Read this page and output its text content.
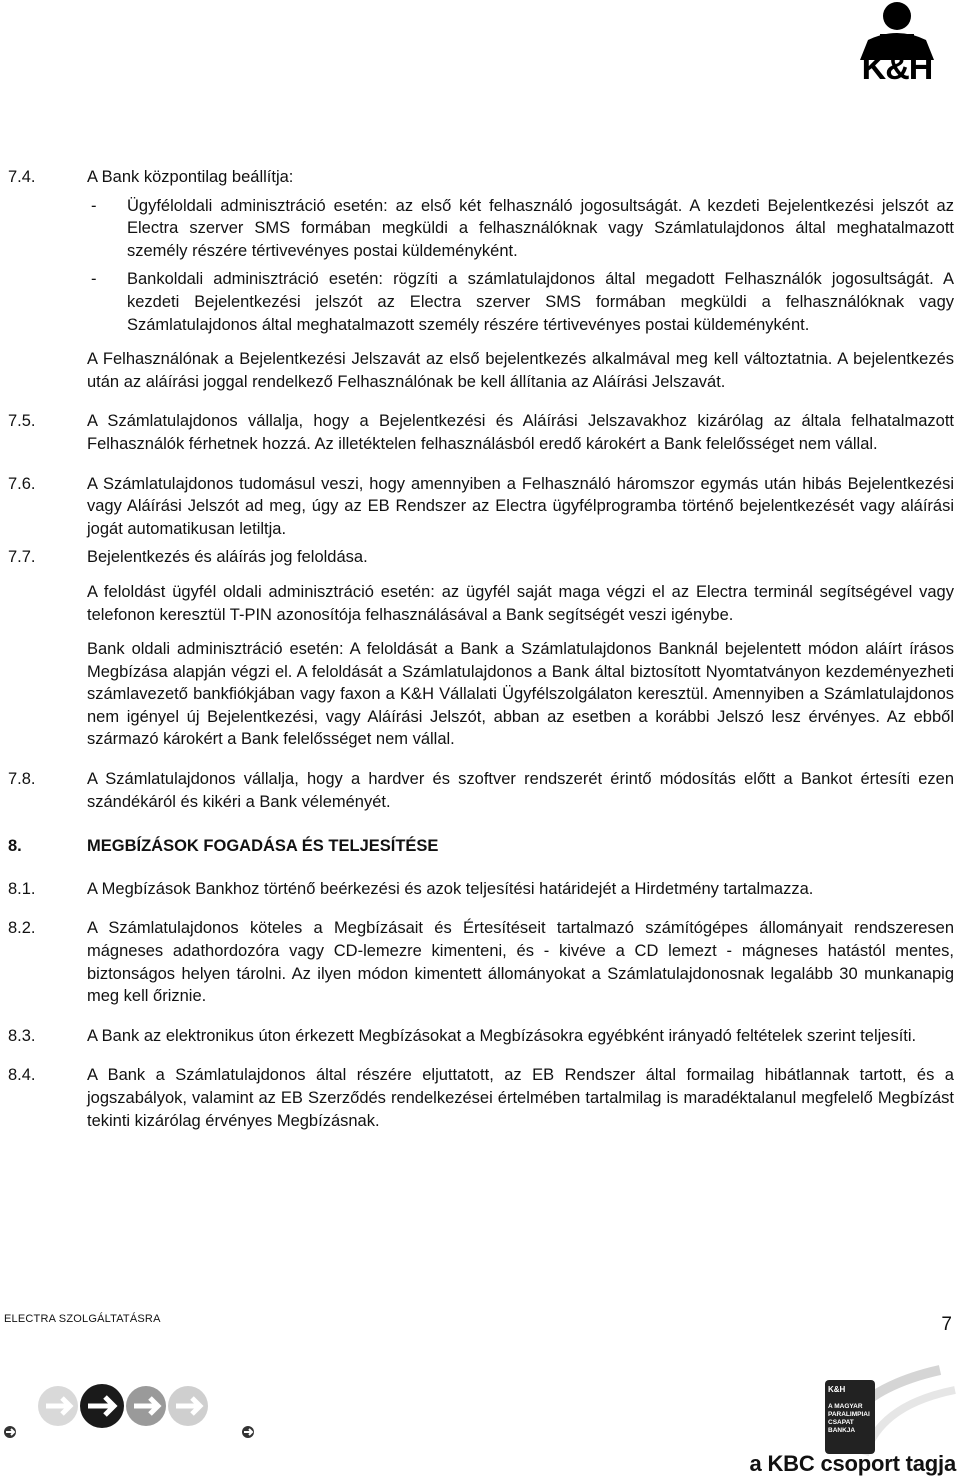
K&H
7.4.	A Bank központilag beállítja:
- Ügyféloldali adminisztráció esetén: az első két felhasználó jogosultságát. A kezdeti Bejelentkezési jelszót az Electra szerver SMS formában megküldi a felhasználóknak vagy Számlatulajdonos által meghatalmazott személy részére tértivevényes postai küldeményként.
- Bankoldali adminisztráció esetén: rögzíti a számlatulajdonos által megadott Felhasználók jogosultságát. A kezdeti Bejelentkezési jelszót az Electra szerver SMS formában megküldi a felhasználóknak vagy Számlatulajdonos által meghatalmazott személy részére tértivevényes postai küldeményként.
A Felhasználónak a Bejelentkezési Jelszavát az első bejelentkezés alkalmával meg kell változtatnia. A bejelentkezés után az aláírási joggal rendelkező Felhasználónak be kell állítania az Aláírási Jelszavát.
7.5.	A Számlatulajdonos vállalja, hogy a Bejelentkezési és Aláírási Jelszavakhoz kizárólag az általa felhatalmazott Felhasználók férhetnek hozzá. Az illetéktelen felhasználásból eredő károkért a Bank felelősséget nem vállal.
7.6.	A Számlatulajdonos tudomásul veszi, hogy amennyiben a Felhasználó háromszor egymás után hibás Bejelentkezési vagy Aláírási Jelszót ad meg, úgy az EB Rendszer az Electra ügyfélprogramba történő bejelentkezését vagy aláírási jogát automatikusan letiltja.
7.7.	Bejelentkezés és aláírás jog feloldása.
A feloldást ügyfél oldali adminisztráció esetén: az ügyfél saját maga végzi el az Electra terminál segítségével vagy telefonon keresztül T-PIN azonosítója felhasználásával a Bank segítségét veszi igénybe.
Bank oldali adminisztráció esetén: A feloldását a Bank a Számlatulajdonos Banknál bejelentett módon aláírt írásos Megbízása alapján végzi el. A feloldását a Számlatulajdonos a Bank által biztosított Nyomtatványon kezdeményezheti számlavezető bankfiókjában vagy faxon a K&H Vállalati Ügyfélszolgálaton keresztül. Amennyiben a Számlatulajdonos nem igényel új Bejelentkezési, vagy Aláírási Jelszót, abban az esetben a korábbi Jelszó lesz érvényes. Az ebből származó károkért a Bank felelősséget nem vállal.
7.8.	A Számlatulajdonos vállalja, hogy a hardver és szoftver rendszerét érintő módosítás előtt a Bankot értesíti ezen szándékáról és kikéri a Bank véleményét.
8.	MEGBÍZÁSOK FOGADÁSA ÉS TELJESÍTÉSE
8.1.	A Megbízások Bankhoz történő beérkezési és azok teljesítési határidejét a Hirdetmény tartalmazza.
8.2.	A Számlatulajdonos köteles a Megbízásait és Értesítéseit tartalmazó számítógépes állományait rendszeresen mágneses adathordozóra vagy CD-lemezre kimenteni, és - kivéve a CD lemezt - mágneses hatástól mentes, biztonságos helyen tárolni. Az ilyen módon kimentett állományokat a Számlatulajdonosnak legalább 30 munkanapig meg kell őriznie.
8.3.	A Bank az elektronikus úton érkezett Megbízásokat a Megbízásokra egyébként irányadó feltételek szerint teljesíti.
8.4.	A Bank a Számlatulajdonos által részére eljuttatott, az EB Rendszer által formailag hibátlannak tartott, és a jogszabályok, valamint az EB Szerződés rendelkezései értelmében tartalmilag is maradéktalanul megfelelő Megbízást tekinti kizárólag érvényes Megbízásnak.
ELECTRA SZOLGÁLTATÁSRA	7
K&H
A MAGYAR
PARALIMPIAI
CSAPAT BANKJA
a KBC csoport tagja
